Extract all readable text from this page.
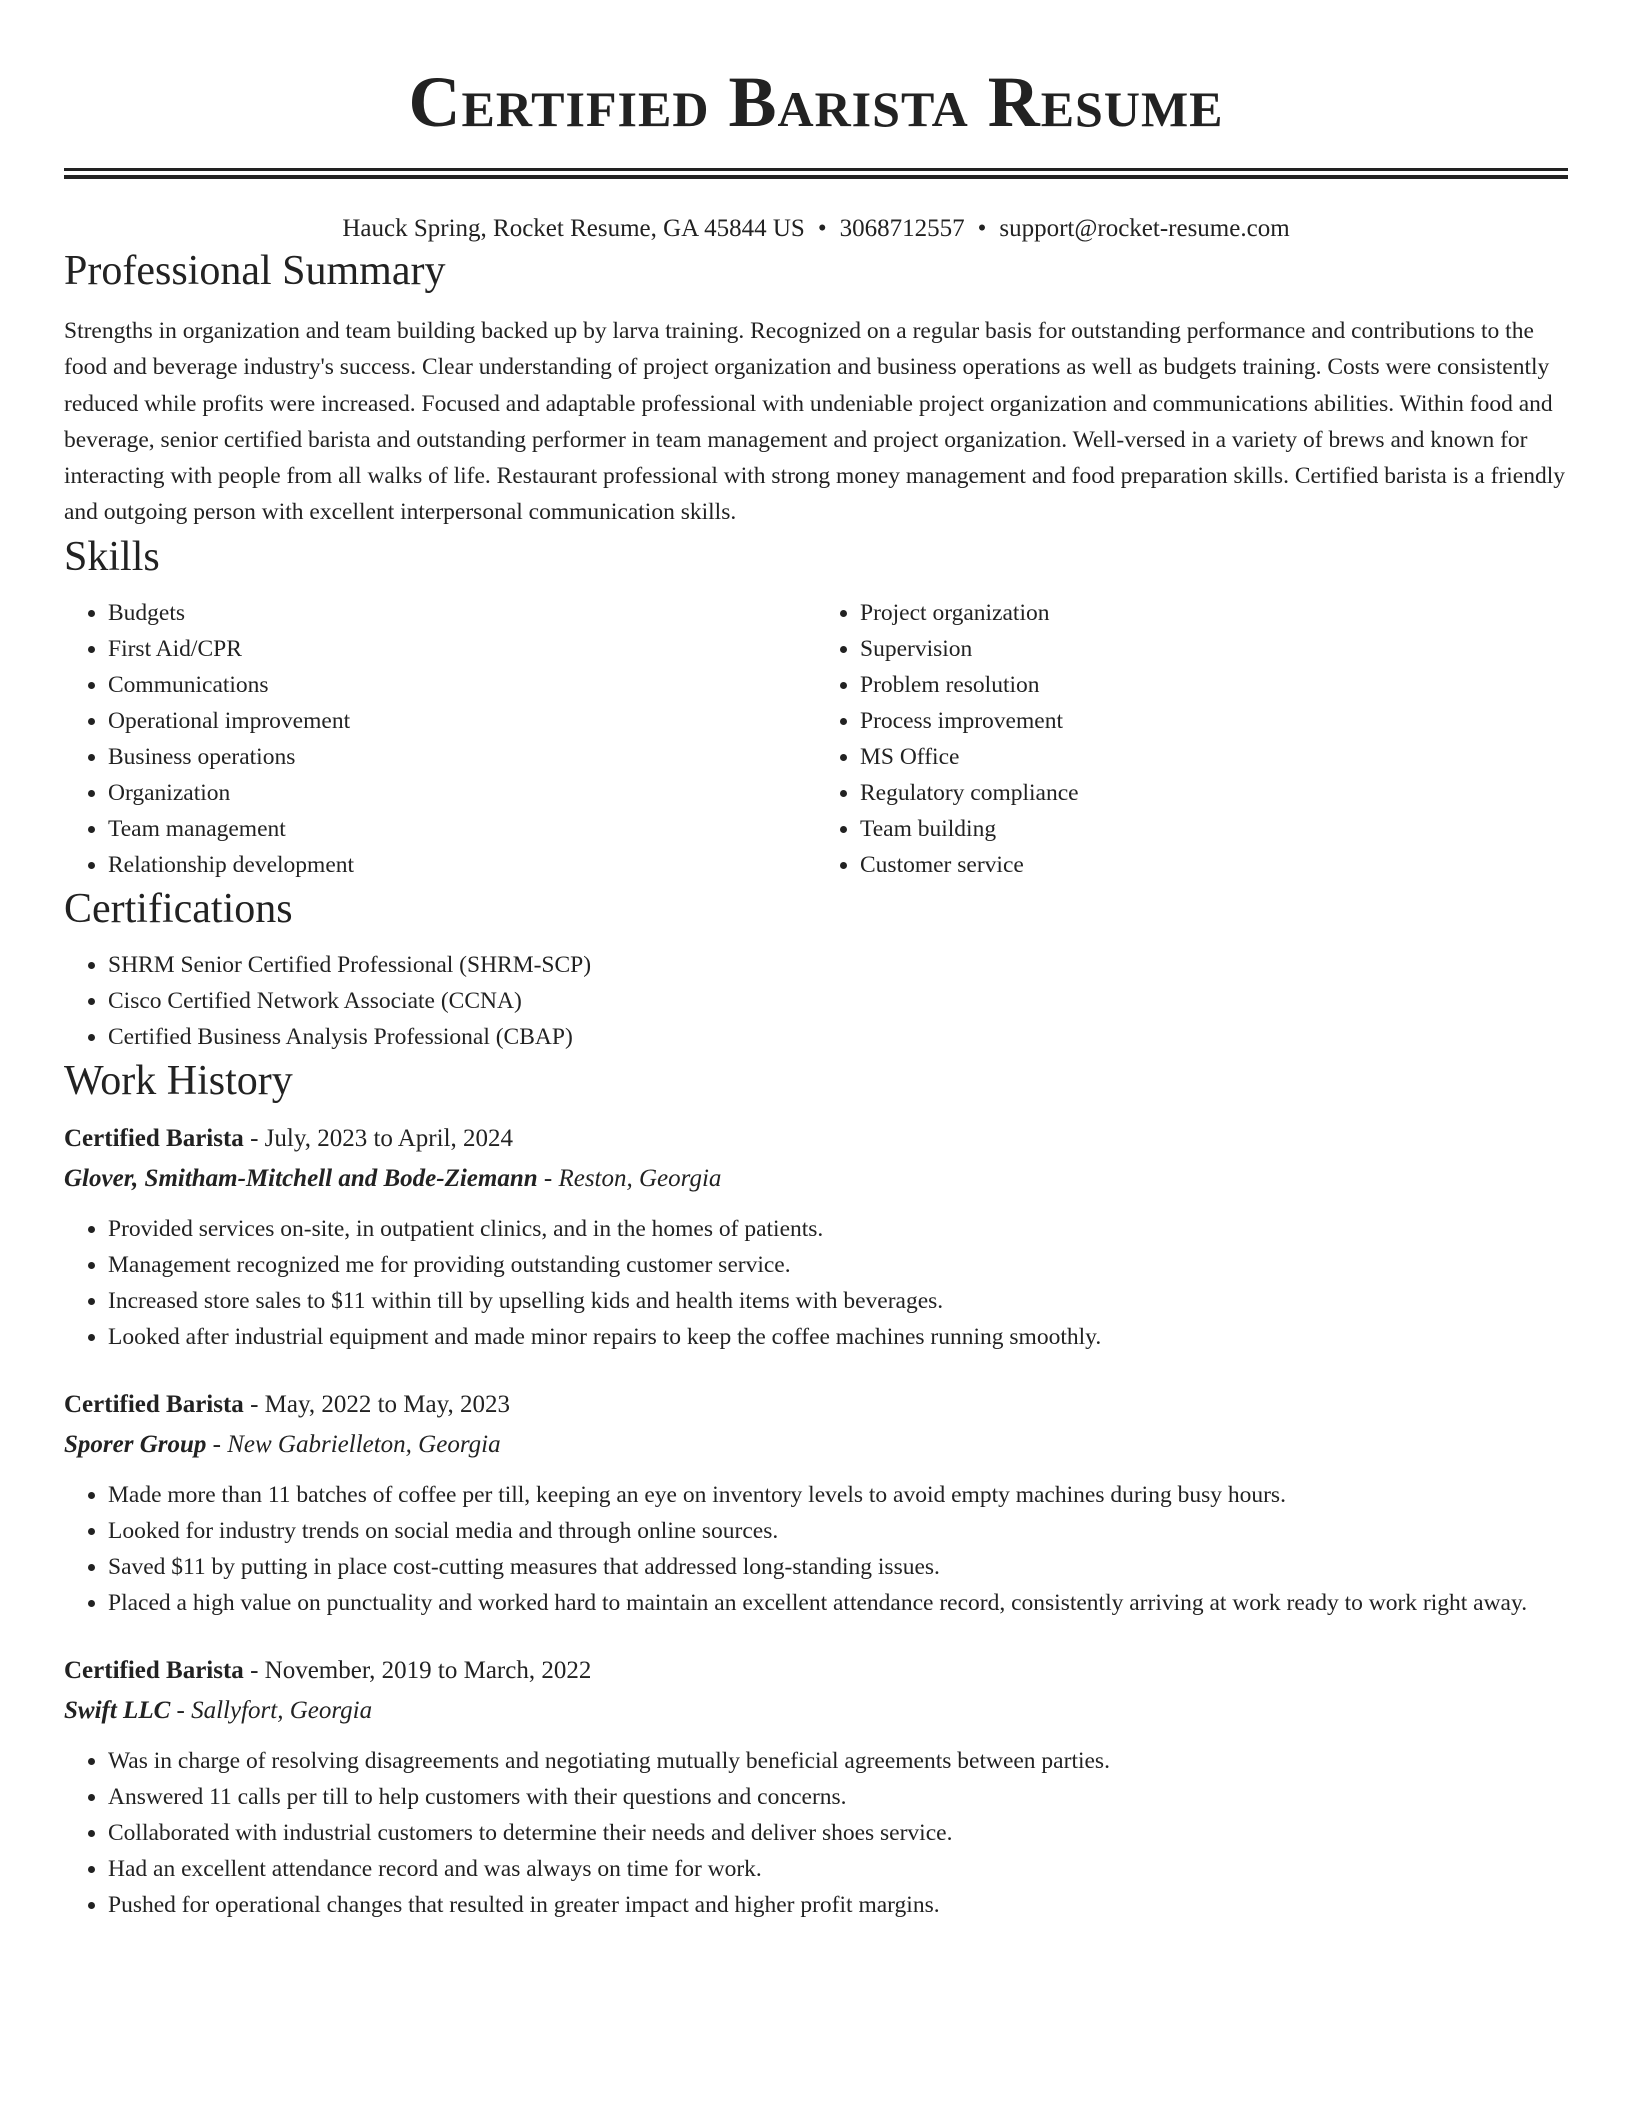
Certified Barista Resume
Hauck Spring, Rocket Resume, GA 45844 US • 3068712557 • support@rocket-resume.com
Professional Summary
Strengths in organization and team building backed up by larva training. Recognized on a regular basis for outstanding performance and contributions to the food and beverage industry's success. Clear understanding of project organization and business operations as well as budgets training. Costs were consistently reduced while profits were increased. Focused and adaptable professional with undeniable project organization and communications abilities. Within food and beverage, senior certified barista and outstanding performer in team management and project organization. Well-versed in a variety of brews and known for interacting with people from all walks of life. Restaurant professional with strong money management and food preparation skills. Certified barista is a friendly and outgoing person with excellent interpersonal communication skills.
Skills
• Budgets
• First Aid/CPR
• Communications
• Operational improvement
• Business operations
• Organization
• Team management
• Relationship development
• Project organization
• Supervision
• Problem resolution
• Process improvement
• MS Office
• Regulatory compliance
• Team building
• Customer service
Certifications
• SHRM Senior Certified Professional (SHRM-SCP)
• Cisco Certified Network Associate (CCNA)
• Certified Business Analysis Professional (CBAP)
Work History
Certified Barista - July, 2023 to April, 2024
Glover, Smitham-Mitchell and Bode-Ziemann - Reston, Georgia
• Provided services on-site, in outpatient clinics, and in the homes of patients.
• Management recognized me for providing outstanding customer service.
• Increased store sales to $11 within till by upselling kids and health items with beverages.
• Looked after industrial equipment and made minor repairs to keep the coffee machines running smoothly.
Certified Barista - May, 2022 to May, 2023
Sporer Group - New Gabrielleton, Georgia
• Made more than 11 batches of coffee per till, keeping an eye on inventory levels to avoid empty machines during busy hours.
• Looked for industry trends on social media and through online sources.
• Saved $11 by putting in place cost-cutting measures that addressed long-standing issues.
• Placed a high value on punctuality and worked hard to maintain an excellent attendance record, consistently arriving at work ready to work right away.
Certified Barista - November, 2019 to March, 2022
Swift LLC - Sallyfort, Georgia
• Was in charge of resolving disagreements and negotiating mutually beneficial agreements between parties.
• Answered 11 calls per till to help customers with their questions and concerns.
• Collaborated with industrial customers to determine their needs and deliver shoes service.
• Had an excellent attendance record and was always on time for work.
• Pushed for operational changes that resulted in greater impact and higher profit margins.
